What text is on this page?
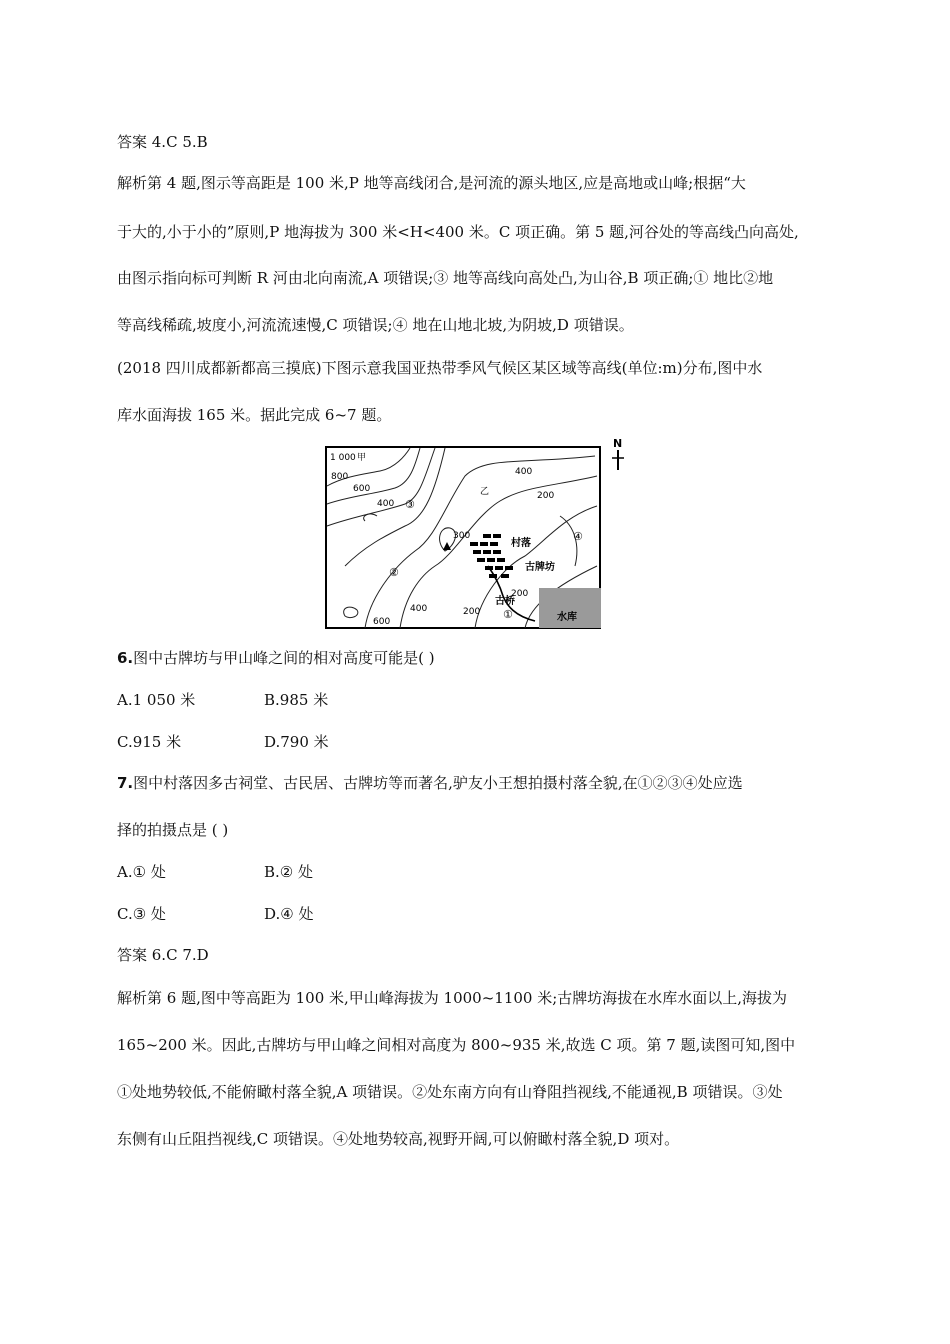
答案 4.C 5.B
解析第 4 题,图示等高距是 100 米,P 地等高线闭合,是河流的源头地区,应是高地或山峰;根据“大
于大的,小于小的”原则,P 地海拔为 300 米<H<400 米。C 项正确。第 5 题,河谷处的等高线凸向高处,
由图示指向标可判断 R 河由北向南流,A 项错误;③ 地等高线向高处凸,为山谷,B 项正确;① 地比②地
等高线稀疏,坡度小,河流流速慢,C 项错误;④ 地在山地北坡,为阴坡,D 项错误。
(2018 四川成都新都高三摸底)下图示意我国亚热带季风气候区某区域等高线(单位:m)分布,图中水
库水面海拔 165 米。据此完成 6~7 题。
1 000 甲
800
600
400
400
200
乙
300
200
400
600
200
①
②
③
④
村落
古牌坊
古桥
水库
N
6.图中古牌坊与甲山峰之间的相对高度可能是( )
A.1 050 米	B.985 米
C.915 米	D.790 米
7.图中村落因多古祠堂、古民居、古牌坊等而著名,驴友小王想拍摄村落全貌,在①②③④处应选
择的拍摄点是 ( )
A.① 处	B.② 处
C.③ 处	D.④ 处
答案 6.C 7.D
解析第 6 题,图中等高距为 100 米,甲山峰海拔为 1000~1100 米;古牌坊海拔在水库水面以上,海拔为
165~200 米。因此,古牌坊与甲山峰之间相对高度为 800~935 米,故选 C 项。第 7 题,读图可知,图中
①处地势较低,不能俯瞰村落全貌,A 项错误。②处东南方向有山脊阻挡视线,不能通视,B 项错误。③处
东侧有山丘阻挡视线,C 项错误。④处地势较高,视野开阔,可以俯瞰村落全貌,D 项对。
